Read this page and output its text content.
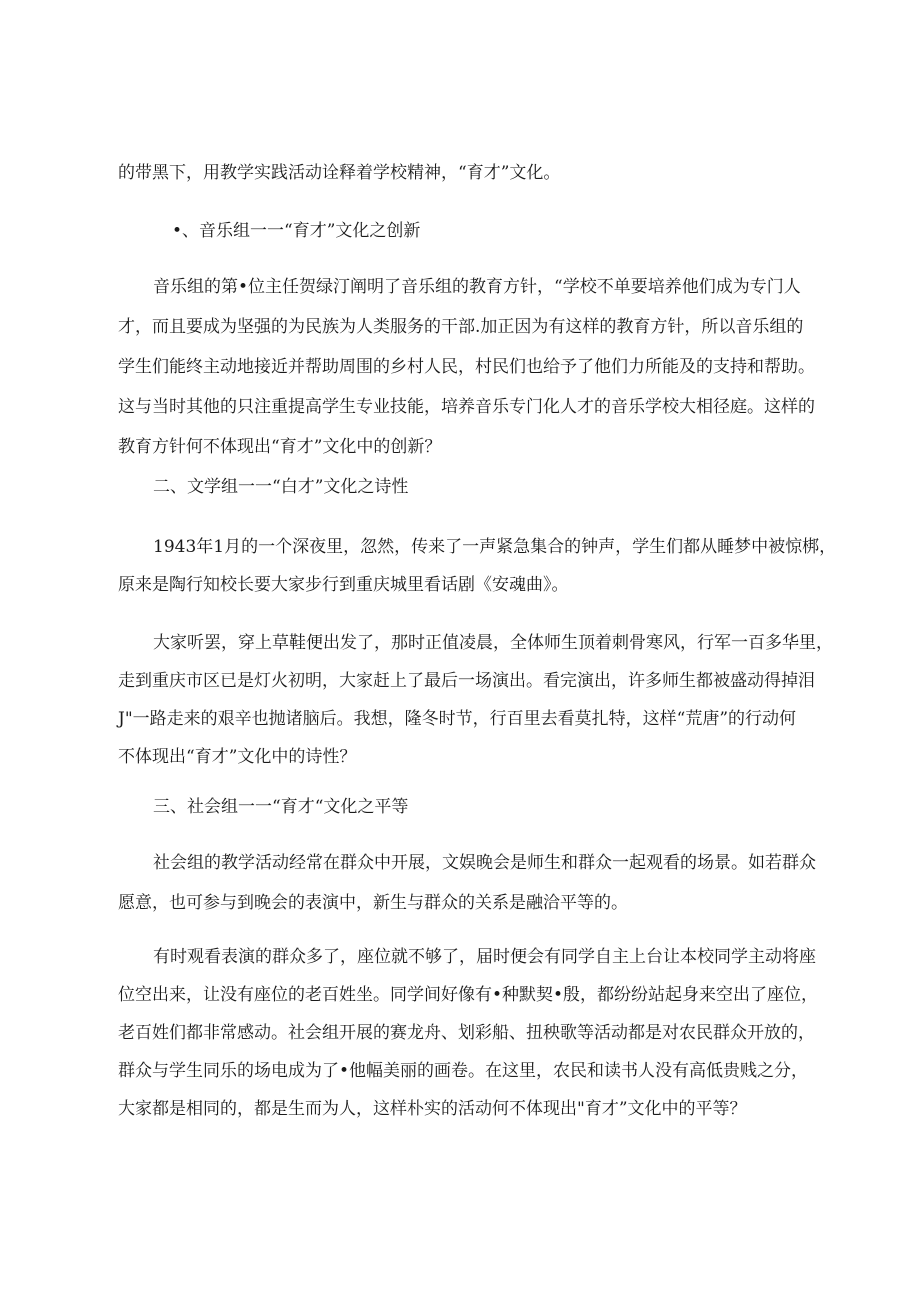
的带黑下，用教学实践活动诠释着学校精神，“育才”文化。
•、音乐组一一“育才”文化之创新
音乐组的第•位主任贺绿汀阐明了音乐组的教育方针，“学校不单要培养他们成为专门人
才，而且要成为坚强的为民族为人类服务的干部.加正因为有这样的教育方针，所以音乐组的
学生们能终主动地接近并帮助周围的乡村人民，村民们也给予了他们力所能及的支持和帮助。
这与当时其他的只注重提高学生专业技能，培养音乐专门化人才的音乐学校大相径庭。这样的
教育方针何不体现出“育才”文化中的创新？
二、文学组一一“白才”文化之诗性
1943年1月的一个深夜里，忽然，传来了一声紧急集合的钟声，学生们都从睡梦中被惊梆，
原来是陶行知校长要大家步行到重庆城里看话剧《安魂曲》。
大家听罢，穿上草鞋便出发了，那时正值凌晨，全体师生顶着刺骨寒风，行军一百多华里，
走到重庆市区已是灯火初明，大家赶上了最后一场演出。看完演出，许多师生都被盛动得掉泪
J"一路走来的艰辛也抛诸脑后。我想，隆冬时节，行百里去看莫扎特，这样“荒唐”的行动何
不体现出“育才”文化中的诗性？
三、社会组一一“育才“文化之平等
社会组的教学活动经常在群众中开展，文娱晚会是师生和群众一起观看的场景。如若群众
愿意，也可参与到晚会的表演中，新生与群众的关系是融洽平等的。
有时观看表演的群众多了，座位就不够了，届时便会有同学自主上台让本校同学主动将座
位空出来，让没有座位的老百姓坐。同学间好像有•种默契•殷，都纷纷站起身来空出了座位，
老百姓们都非常感动。社会组开展的赛龙舟、划彩船、扭秧歌等活动都是对农民群众开放的，
群众与学生同乐的场电成为了•他幅美丽的画卷。在这里，农民和读书人没有高低贵贱之分，
大家都是相同的，都是生而为人，这样朴实的活动何不体现出"育才”文化中的平等？
